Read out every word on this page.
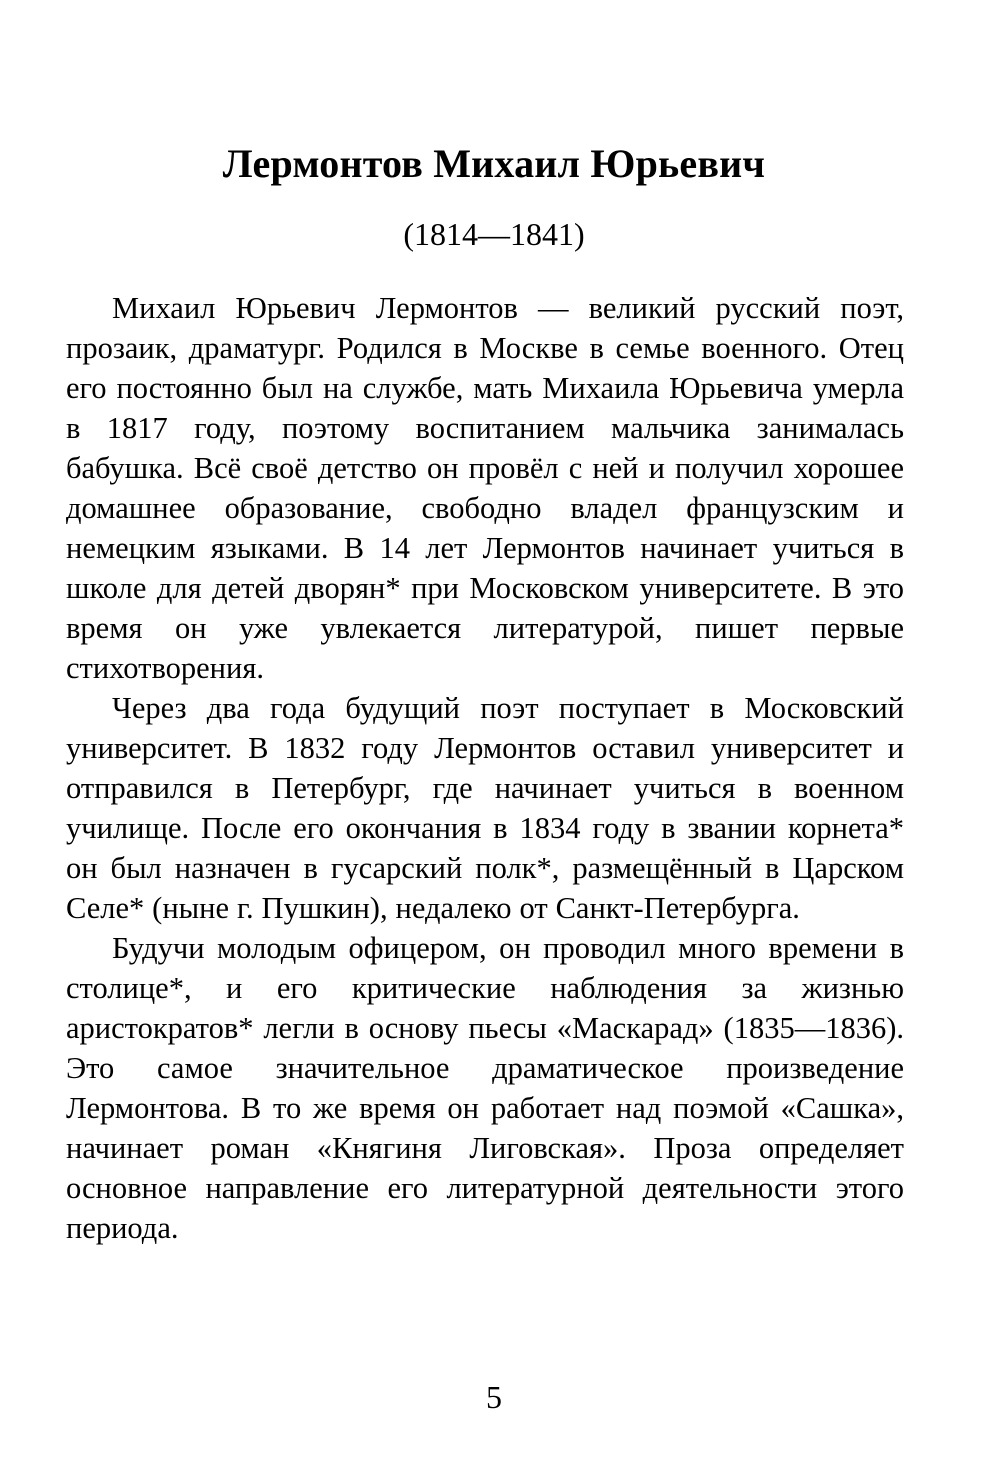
Лермонтов Михаил Юрьевич
(1814—1841)

Михаил Юрьевич Лермонтов — великий русский поэт, прозаик, драматург. Родился в Москве в семье военного. Отец его постоянно был на службе, мать Михаила Юрьевича умерла в 1817 году, поэтому воспитанием мальчика занималась бабушка. Всё своё детство он провёл с ней и получил хорошее домашнее образование, свободно владел французским и немецким языками. В 14 лет Лермонтов начинает учиться в школе для детей дворян* при Московском университете. В это время он уже увлекается литературой, пишет первые стихотворения.

Через два года будущий поэт поступает в Московский университет. В 1832 году Лермонтов оставил университет и отправился в Петербург, где начинает учиться в военном училище. После его окончания в 1834 году в звании корнета* он был назначен в гусарский полк*, размещённый в Царском Селе* (ныне г. Пушкин), недалеко от Санкт-Петербурга.

Будучи молодым офицером, он проводил много времени в столице*, и его критические наблюдения за жизнью аристократов* легли в основу пьесы «Маскарад» (1835—1836). Это самое значительное драматическое произведение Лермонтова. В то же время он работает над поэмой «Сашка», начинает роман «Княгиня Лиговская». Проза определяет основное направление его литературной деятельности этого периода.

5
